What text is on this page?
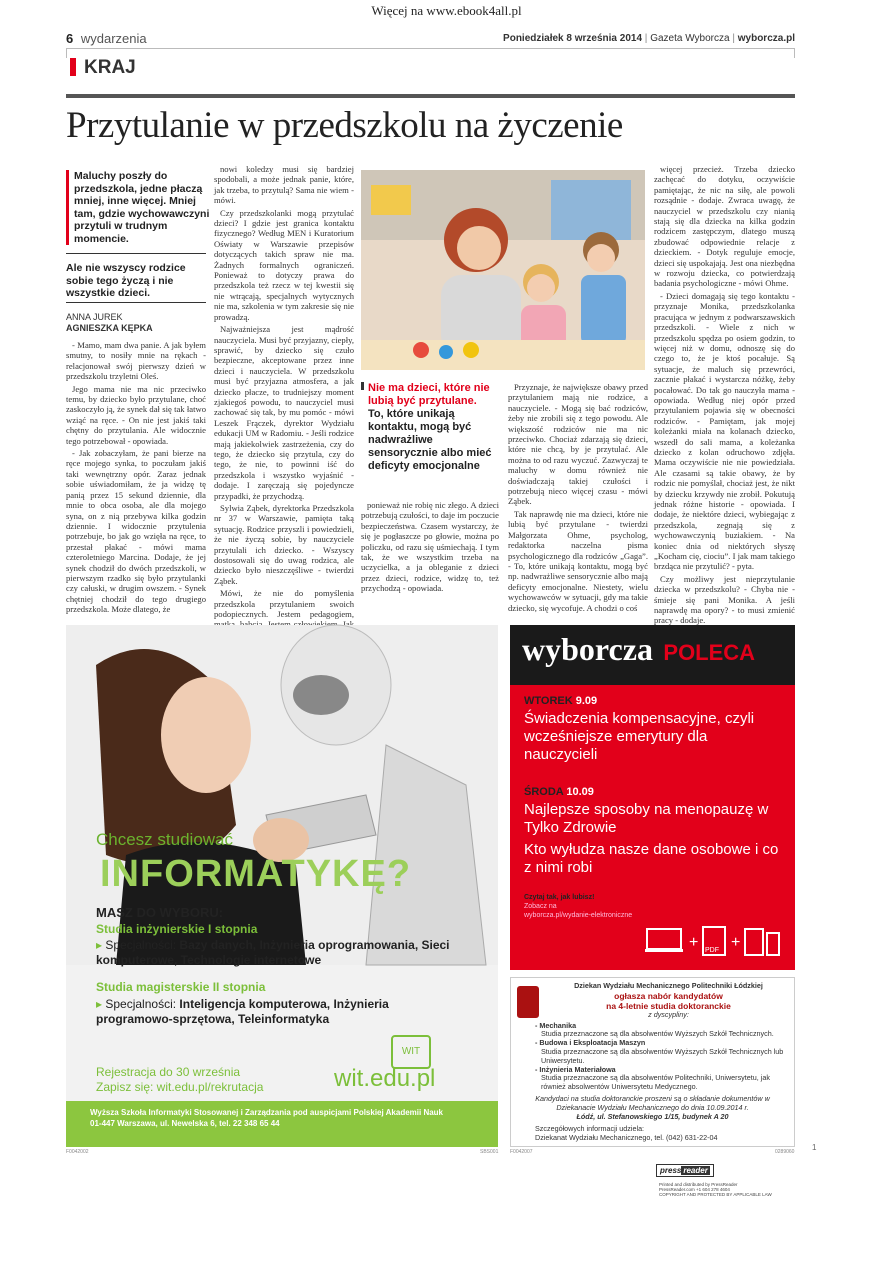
Więcej na www.ebook4all.pl
6 wydarzenia	Poniedziałek 8 września 2014 | Gazeta Wyborcza | wyborcza.pl
KRAJ
Przytulanie w przedszkolu na życzenie
Maluchy poszły do przedszkola, jedne płaczą mniej, inne więcej. Mniej tam, gdzie wychowawczyni przytuli w trudnym momencie.
Ale nie wszyscy rodzice sobie tego życzą i nie wszystkie dzieci.
ANNA JUREK
AGNIESZKA KĘPKA

- Mamo, mam dwa panie. A jak byłem smutny, to nosiły mnie na rękach - relacjonował swój pierwszy dzień w przedszkolu trzyletni Oleś.

Jego mama nie ma nic przeciwko temu, by dziecko było przytulane, choć zaskoczyło ją, że synek dał się tak łatwo wziąć na ręce. - On nie jest jakiś taki chętny do przytulania. Ale widocznie tego potrzebował - opowiada.

- Jak zobaczyłam, że pani bierze na ręce mojego synka, to poczułam jakiś taki wewnętrzny opór. Zaraz jednak sobie uświadomiłam, że ja widzę tę panią przez 15 sekund dziennie, dla mnie to obca osoba, ale dla mojego syna, on z nią przebywa kilka godzin dziennie. I widocznie przytulenia potrzebuje, bo jak go wzięła na ręce, to przestał płakać - mówi mama czteroletniego Marcina. Dodaje, że jej synek chodził do dwóch przedszkoli, w pierwszym rzadko się było przytulanki czy całuski, w drugim owszem. - Synek chętniej chodził do tego drugiego przedszkola. Może dlatego, że

nowi koledzy musi się bardziej spodobali, a może jednak panie, które, jak trzeba, to przytulą? Sama nie wiem - mówi.

Czy przedszkolanki mogą przytulać dzieci? I gdzie jest granica kontaktu fizycznego? Według MEN i Kuratorium Oświaty w Warszawie przepisów dotyczących takich spraw nie ma. Żadnych formalnych ograniczeń. Ponieważ to dotyczy prawa do przedszkola też rzecz w tej kwestii się nie wtrącają, specjalnych wytycznych nie ma, szkolenia w tym zakresie się nie prowadzą.

Najważniejsza jest mądrość nauczyciela. Musi być przyjazny, ciepły, sprawić, by dziecko się czuło bezpieczne, akceptowane przez inne dzieci i nauczyciela. W przedszkolu musi być przyjazna atmosfera, a jak dziecko płacze, to trudniejszy moment zjakiegoś powodu, to nauczyciel musi zachować się tak, by mu pomóc - mówi Leszek Frączek, dyrektor Wydziału edukacji UM w Radomiu. - Jeśli rodzice mają jakiekolwiek zastrzeżenia, czy do tego, że dziecko się przytula, czy do tego, że nie, to powinni iść do przedszkola i wszystko wyjaśnić - dodaje. I zaręczają się pojedyncze przypadki, że przychodzą.

Sylwia Ząbek, dyrektorka Przedszkola nr 37 w Warszawie, pamięta taką sytuację. Rodzice przyszli i powiedzieli, że nie życzą sobie, by nauczyciele przytulali ich dziecko. - Wszyscy dostosowali się do uwag rodzica, ale dziecko było nieszczęśliwe - twierdzi Ząbek.

Mówi, że nie do pomyślenia przedszkola przytulaniem swoich podopiecznych. Jestem pedagogiem,

Nie ma dzieci, które nie lubią być przytulane.
To, które unikają kontaktu, mogą być nadwrażliwe sensorycznie albo mieć deficyty emocjonalne

ponieważ nie robię nic złego. A dzieci potrzebują czułości, to daje im poczucie bezpieczeństwa. Czasem wystarczy, że się je pogłaszcze po głowie, można po policzku, od razu się uśmiechają. I tym tak, że we wszystkim trzeba na uczycielka, a ja obleganie z dzieci przez dzieci, rodzice, widzę to, też przychodzą - opowiada.

Przyznaje, że największe obawy przed przytulaniem mają nie rodzice, a nauczyciele. - Mogą się bać rodziców, żeby nie zrobili się z tego powodu. Ale większość rodziców nie ma nic przeciwko. Chociaż zdarzają się dzieci, które nie chcą, by je przytulać. Ale można to od razu wyczuć. Zazwyczaj te maluchy w domu również nie doświadczają takiej czułości i potrzebują nieco więcej czasu - mówi Ząbek.

Tak naprawdę nie ma dzieci, które nie lubią być przytulane - twierdzi Małgorzata Ohme, psycholog, redaktorka naczelna pisma psychologicznego dla rodziców „Gaga”. - To, które unikają kontaktu, mogą być np. nadwrażliwe sensorycznie albo mają deficyty emocjonalne. Niestety, wielu wychowawców w sytuacji, gdy ma takie dziecko, się wycofuje. A chodzi o coś

więcej przecież. Trzeba dziecko zachęcać do dotyku, oczywiście pamiętając, że nic na siłę, ale powoli rozsądnie - dodaje. Zwraca uwagę, że nauczyciel w przedszkolu czy nianią stają się dla dziecka na kilka godzin rodzicem zastępczym, dlatego muszą zbudować odpowiednie relacje z dzieckiem. - Dotyk reguluje emocje, dzieci się uspokajają. Jest ona niezbędna w rozwoju dziecka, co potwierdzają badania psychologiczne - mówi Ohme.

- Dzieci domagają się tego kontaktu - przyznaje Monika, przedszkolanka pracująca w jednym z podwarszawskich przedszkoli. - Wiele z nich w przedszkolu spędza po osiem godzin, to więcej niż w domu, odnoszę się do czego to, że je ktoś pocałuje. Są sytuacje, że maluch się przewróci, zacznie płakać i wystarcza nóżkę, żeby pocałować. Do tak go nauczyła mama - opowiada. Według niej opór przed przytulaniem pojawia się w obecności rodziców. - Pamiętam, jak mojej koleżanki miała na kolanach dziecko, wszedł do sali mama, a koleżanka dziecko z kolan odruchowo zdjęła. Mama oczywiście nie nie powiedziała. Ale czasami są takie obawy, że by rodzic nie pomyślał, chociaż jest, że nikt by dziecku krzywdy nie zrobił. Pokutują jednak różne historie - opowiada. I dodaje, że niektóre dzieci, wybiegając z przedszkola, zegnają się z wychowawczynią buziakiem. - Na koniec dnia od niektórych słyszę „Kocham cię, ciociu”. I jak mam takiego brzdąca nie przytulić? - pyta.

Czy możliwy jest nieprzytulanie dziecka w przedszkolu? - Chyba nie - śmieje się pani Monika. A jeśli naprawdę ma opory? - to musi zmienić pracy - dodaje.

Chcesz studiować
INFORMATYKĘ?
MASZ DO WYBORU:
Studia inżynierskie I stopnia
▸ Specjalności: Bazy danych, Inżynieria oprogramowania, Sieci komputerowe, Technologie internetowe
Studia magisterskie II stopnia
▸ Specjalności: Inteligencja komputerowa, Inżynieria programowo-sprzętowa, Teleinformatyka
Rejestracja do 30 września
Zapisz się: wit.edu.pl/rekrutacja
WIT
wit.edu.pl
Wyższa Szkoła Informatyki Stosowanej i Zarządzania pod auspicjami Polskiej Akademii Nauk
01-447 Warszawa, ul. Newelska 6, tel. 22 348 65 44
wyborcza POLECA
WTOREK 9.09
Świadczenia kompensacyjne, czyli wcześniejsze emerytury dla nauczycieli
ŚRODA 10.09
Najlepsze sposoby na menopauzę w Tylko Zdrowie
Kto wyłudza nasze dane osobowe i co z nimi robi
Czytaj tak, jak lubisz!
Zobacz na
wyborcza.pl/wydanie-elektroniczne
+ +
PDF
Dziekan Wydziału Mechanicznego Politechniki Łódzkiej
ogłasza nabór kandydatów
na 4-letnie studia doktoranckie
z dyscypliny:
- Mechanika
Studia przeznaczone są dla absolwentów Wyższych Szkół Technicznych.
- Budowa i Eksploatacja Maszyn
Studia przeznaczone są dla absolwentów Wyższych Szkół Technicznych lub Uniwersytetu.
- Inżynieria Materiałowa
Studia przeznaczone są dla absolwentów Politechniki, Uniwersytetu, jak również absolwentów Uniwersytetu Medycznego.
Kandydaci na studia doktoranckie proszeni są o składanie dokumentów w Dziekanacie Wydziału Mechanicznego do dnia 10.09.2014 r.
Łódź, ul. Stefanowskiego 1/15, budynek A 20
Szczegółowych informacji udziela:
Dziekanat Wydziału Mechanicznego, tel. (042) 631-22-04
F0042002	SBS001 F0042007	0289060 1
press reader
Printed and distributed by PressReader
PressReader.com +1 604 278 4604
COPYRIGHT AND PROTECTED BY APPLICABLE LAW
